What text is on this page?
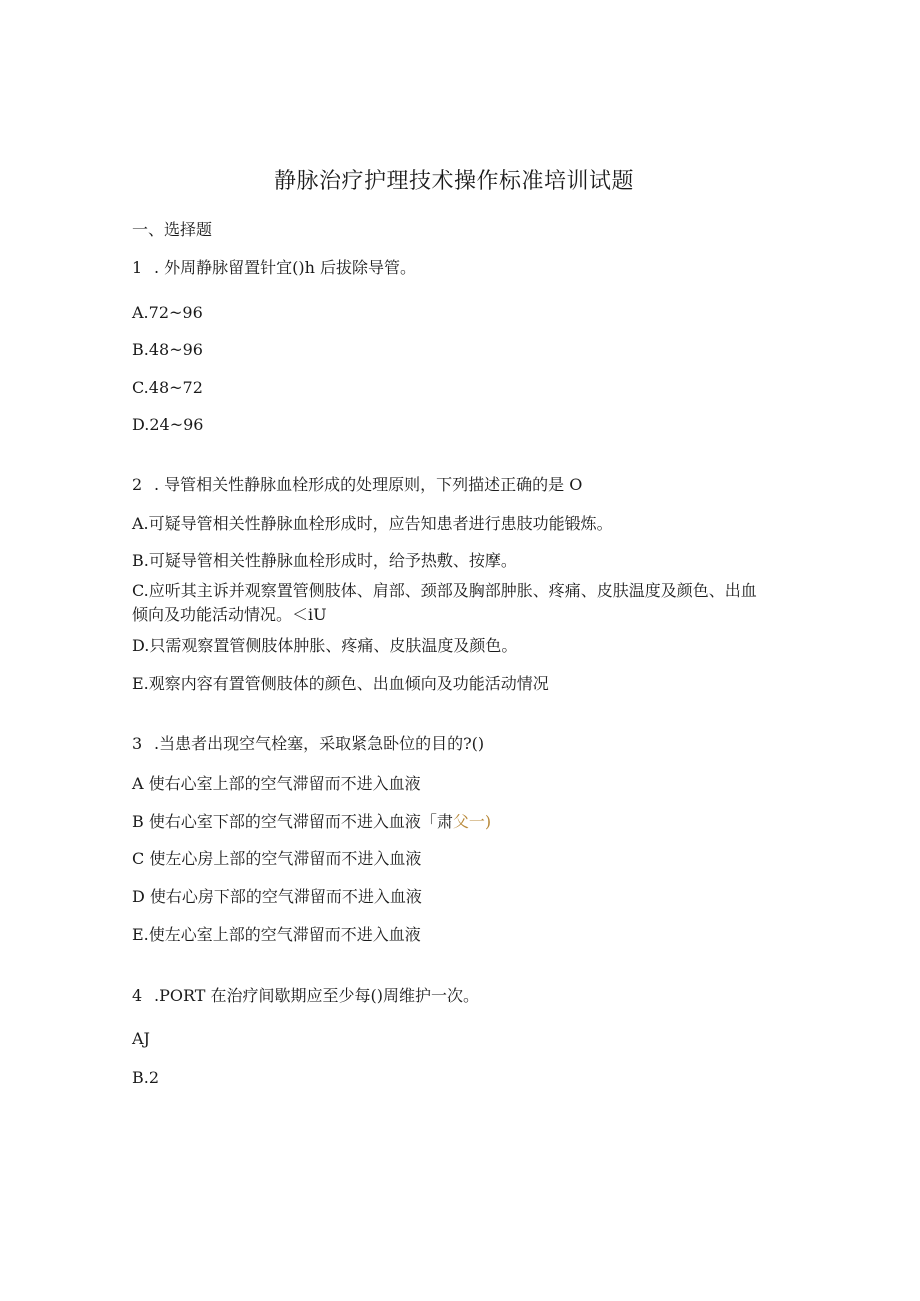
静脉治疗护理技术操作标准培训试题

一、选择题

1 . 外周静脉留置针宜()h 后拔除导管。

A.72~96

B.48~96

C.48~72

D.24~96

2 . 导管相关性静脉血栓形成的处理原则，下列描述正确的是 O

A.可疑导管相关性静脉血栓形成时，应告知患者进行患肢功能锻炼。

B.可疑导管相关性静脉血栓形成时，给予热敷、按摩。

C.应听其主诉并观察置管侧肢体、肩部、颈部及胸部肿胀、疼痛、皮肤温度及颜色、出血倾向及功能活动情况。＜iU

D.只需观察置管侧肢体肿胀、疼痛、皮肤温度及颜色。

E.观察内容有置管侧肢体的颜色、出血倾向及功能活动情况

3 .当患者出现空气栓塞，采取紧急卧位的目的?()

A 使右心室上部的空气滞留而不进入血液

B 使右心室下部的空气滞留而不进入血液「肃父一)

C 使左心房上部的空气滞留而不进入血液

D 使右心房下部的空气滞留而不进入血液

E.使左心室上部的空气滞留而不进入血液

4 .PORT 在治疗间歇期应至少每()周维护一次。

AJ

B.2
